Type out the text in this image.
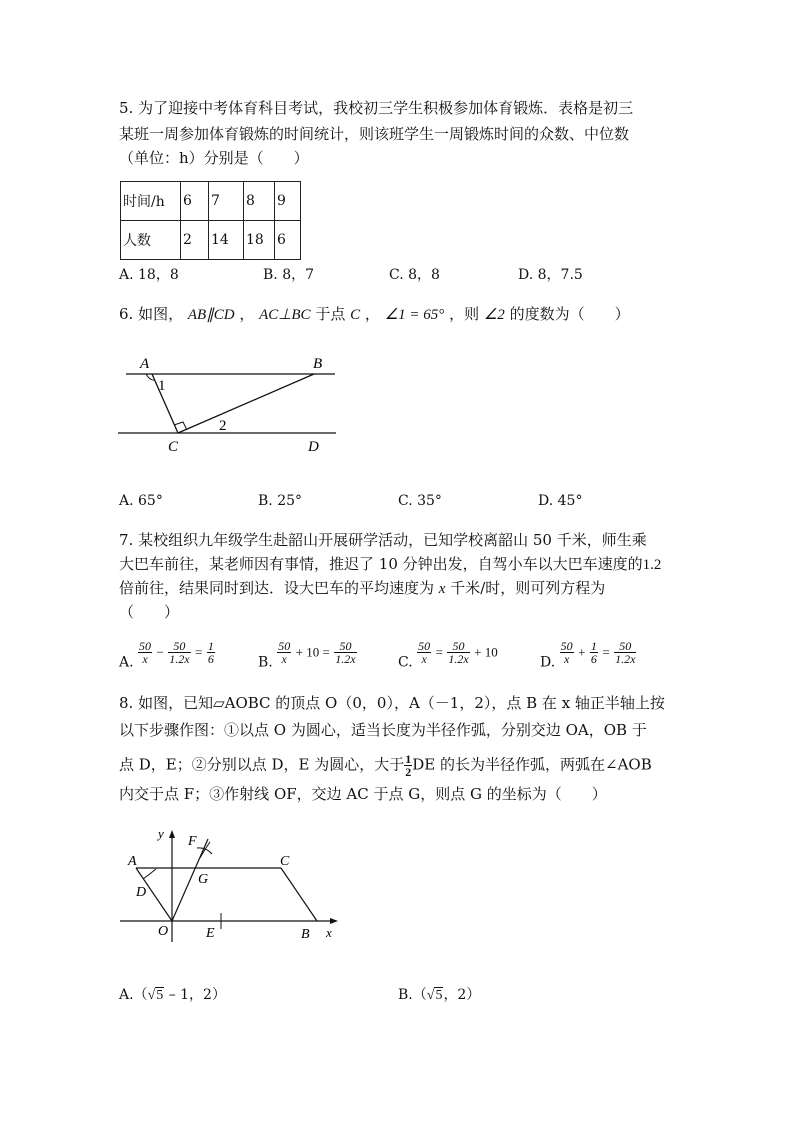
5. 为了迎接中考体育科目考试，我校初三学生积极参加体育锻炼．表格是初三
某班一周参加体育锻炼的时间统计，则该班学生一周锻炼时间的众数、中位数
（单位：h）分别是（　　）
时间/h	6	7	8	9
人数	2	14	18	6
A. 18，8	B. 8，7	C. 8，8	D. 8，7.5
6. 如图， AB∥CD ， AC⊥BC 于点 C ， ∠1 = 65° ，则 ∠2 的度数为（　　）
A	B
C	D
1
2
A. 65°	B. 25°	C. 35°	D. 45°
7. 某校组织九年级学生赴韶山开展研学活动，已知学校离韶山 50 千米，师生乘
大巴车前往，某老师因有事情，推迟了 10 分钟出发，自驾小车以大巴车速度的1.2
倍前往，结果同时到达．设大巴车的平均速度为 x 千米/时，则可列方程为
（　　）
A. $\frac{50}{x} - \frac{50}{1.2x} = \frac{1}{6}$	B. $\frac{50}{x} + 10 = \frac{50}{1.2x}$	C. $\frac{50}{x} = \frac{50}{1.2x} + 10$
D. $\frac{50}{x} + \frac{1}{6} = \frac{50}{1.2x}$
8. 如图，已知▱AOBC 的顶点 O（0，0），A（－1，2），点 B 在 x 轴正半轴上按
以下步骤作图：①以点 O 为圆心，适当长度为半径作弧，分别交边 OA，OB 于
点 D，E；②分别以点 D，E 为圆心，大于 $\frac{1}{2}$ DE 的长为半径作弧，两弧在∠AOB
内交于点 F；③作射线 OF，交边 AC 于点 G，则点 G 的坐标为（　　）
y
x
A	C
D
F
G
O	E	B
A.（√5 – 1，2）	B.（√5，2）
